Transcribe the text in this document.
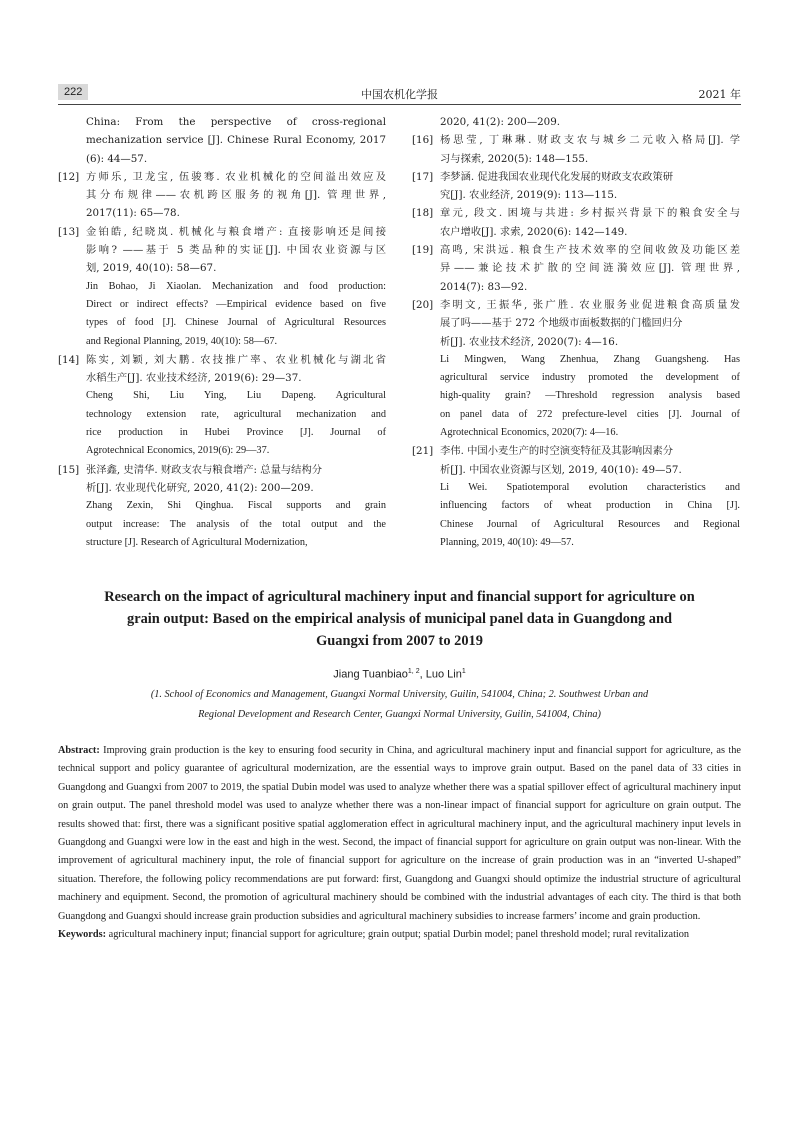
222	中国农机化学报	2021 年
China: From the perspective of cross-regional
mechanization service [J]. Chinese Rural Economy, 2017
(6): 44—57.
[12] 方师乐, 卫龙宝, 伍骏骞. 农业机械化的空间溢出效应及
其分布规律——农机跨区服务的视角[J]. 管理世界,
2017(11): 65—78.
[13] 金铂皓, 纪晓岚. 机械化与粮食增产: 直接影响还是间接
影响? ——基于 5 类品种的实证[J]. 中国农业资源与区
划, 2019, 40(10): 58—67.
Jin Bohao, Ji Xiaolan. Mechanization and food production:
Direct or indirect effects? —Empirical evidence based on five
types of food [J]. Chinese Journal of Agricultural Resources
and Regional Planning, 2019, 40(10): 58—67.
[14] 陈实, 刘颖, 刘大鹏. 农技推广率、农业机械化与湖北省
水稻生产[J]. 农业技术经济, 2019(6): 29—37.
Cheng Shi, Liu Ying, Liu Dapeng. Agricultural
technology extension rate, agricultural mechanization and
rice production in Hubei Province [J]. Journal of
Agrotechnical Economics, 2019(6): 29—37.
[15] 张泽鑫, 史清华. 财政支农与粮食增产: 总量与结构分
析[J]. 农业现代化研究, 2020, 41(2): 200—209.
Zhang Zexin, Shi Qinghua. Fiscal supports and grain
output increase: The analysis of the total output and the
structure [J]. Research of Agricultural Modernization,
2020, 41(2): 200—209.
[16] 杨思莹, 丁琳琳. 财政支农与城乡二元收入格局[J]. 学
习与探索, 2020(5): 148—155.
[17] 李梦涵. 促进我国农业现代化发展的财政支农政策研
究[J]. 农业经济, 2019(9): 113—115.
[18] 章元, 段文. 困境与共进: 乡村振兴背景下的粮食安全与
农户增收[J]. 求索, 2020(6): 142—149.
[19] 高鸣, 宋洪远. 粮食生产技术效率的空间收敛及功能区差
异——兼论技术扩散的空间涟漪效应[J]. 管理世界,
2014(7): 83—92.
[20] 李明文, 王振华, 张广胜. 农业服务业促进粮食高质量发
展了吗——基于 272 个地级市面板数据的门槛回归分
析[J]. 农业技术经济, 2020(7): 4—16.
Li Mingwen, Wang Zhenhua, Zhang Guangsheng. Has
agricultural service industry promoted the development of
high-quality grain? —Threshold regression analysis based
on panel data of 272 prefecture-level cities [J]. Journal of
Agrotechnical Economics, 2020(7): 4—16.
[21] 李伟. 中国小麦生产的时空演变特征及其影响因素分
析[J]. 中国农业资源与区划, 2019, 40(10): 49—57.
Li Wei. Spatiotemporal evolution characteristics and
influencing factors of wheat production in China [J].
Chinese Journal of Agricultural Resources and Regional
Planning, 2019, 40(10): 49—57.
Research on the impact of agricultural machinery input and financial support for agriculture on
grain output: Based on the empirical analysis of municipal panel data in Guangdong and
Guangxi from 2007 to 2019
Jiang Tuanbiao$^{1, 2}$, Luo Lin$^1$
(1. School of Economics and Management, Guangxi Normal University, Guilin, 541004, China; 2. Southwest Urban and
Regional Development and Research Center, Guangxi Normal University, Guilin, 541004, China)
Abstract: Improving grain production is the key to ensuring food security in China, and agricultural machinery input and financial support for agriculture, as the technical support and policy guarantee of agricultural modernization, are the essential ways to improve grain output. Based on the panel data of 33 cities in Guangdong and Guangxi from 2007 to 2019, the spatial Dubin model was used to analyze whether there was a spatial spillover effect of agricultural machinery input on grain output. The panel threshold model was used to analyze whether there was a non-linear impact of financial support for agriculture on grain output. The results showed that: first, there was a significant positive spatial agglomeration effect in agricultural machinery input, and the agricultural machinery input levels in Guangdong and Guangxi were low in the east and high in the west. Second, the impact of financial support for agriculture on grain output was non-linear. With the improvement of agricultural machinery input, the role of financial support for agriculture on the increase of grain production was in an “inverted U-shaped” situation. Therefore, the following policy recommendations are put forward: first, Guangdong and Guangxi should optimize the industrial structure of agricultural machinery and equipment. Second, the promotion of agricultural machinery should be combined with the industrial advantages of each city. The third is that both Guangdong and Guangxi should increase grain production subsidies and agricultural machinery subsidies to increase farmers’ income and grain production.
Keywords: agricultural machinery input; financial support for agriculture; grain output; spatial Durbin model; panel threshold model; rural revitalization
